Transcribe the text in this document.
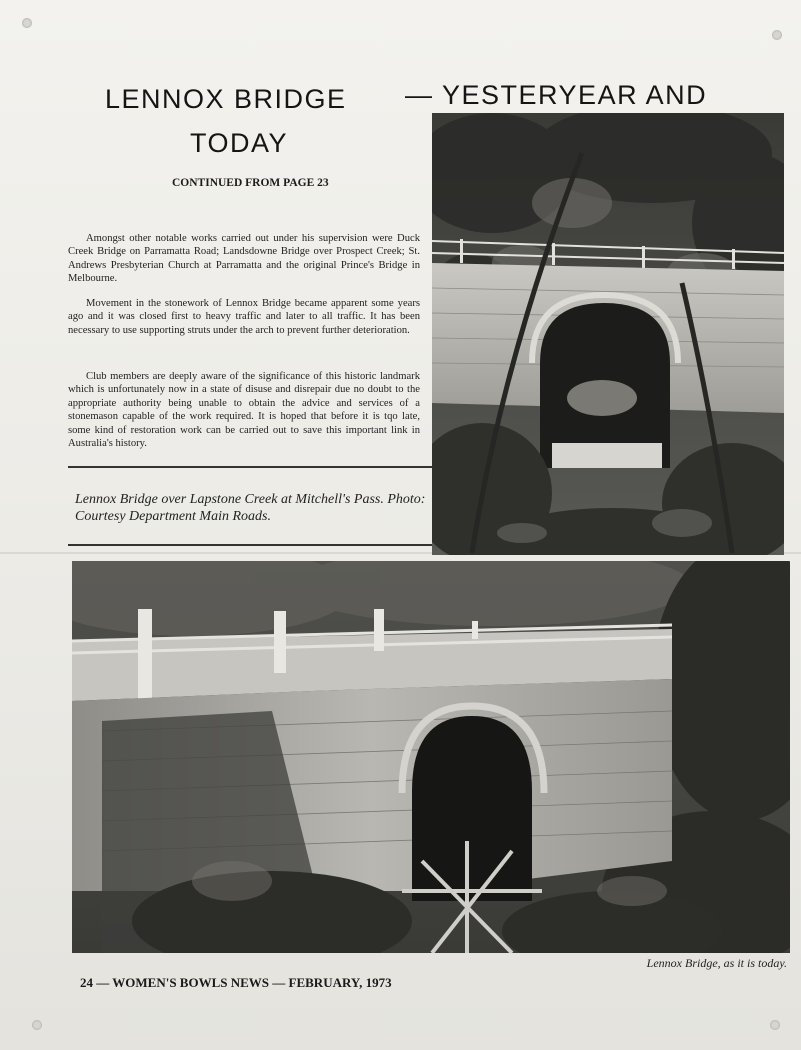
LENNOX BRIDGE — YESTERYEAR AND
TODAY
CONTINUED FROM PAGE 23
Amongst other notable works carried out under his supervision were Duck Creek Bridge on Parramatta Road; Landsdowne Bridge over Prospect Creek; St. Andrews Presbyterian Church at Parramatta and the original Prince's Bridge in Melbourne.
Movement in the stonework of Lennox Bridge became apparent some years ago and it was closed first to heavy traffic and later to all traffic. It has been necessary to use supporting struts under the arch to prevent further deterioration.
Club members are deeply aware of the significance of this historic landmark which is unfortunately now in a state of disuse and disrepair due no doubt to the appropriate authority being unable to obtain the advice and services of a stonemason capable of the work required. It is hoped that before it is tqo late, some kind of restoration work can be carried out to save this important link in Australia's history.
Lennox Bridge over Lapstone Creek at Mitchell's Pass. Photo: Courtesy Department Main Roads.
Lennox Bridge, as it is today.
24 — WOMEN'S BOWLS NEWS — FEBRUARY, 1973
